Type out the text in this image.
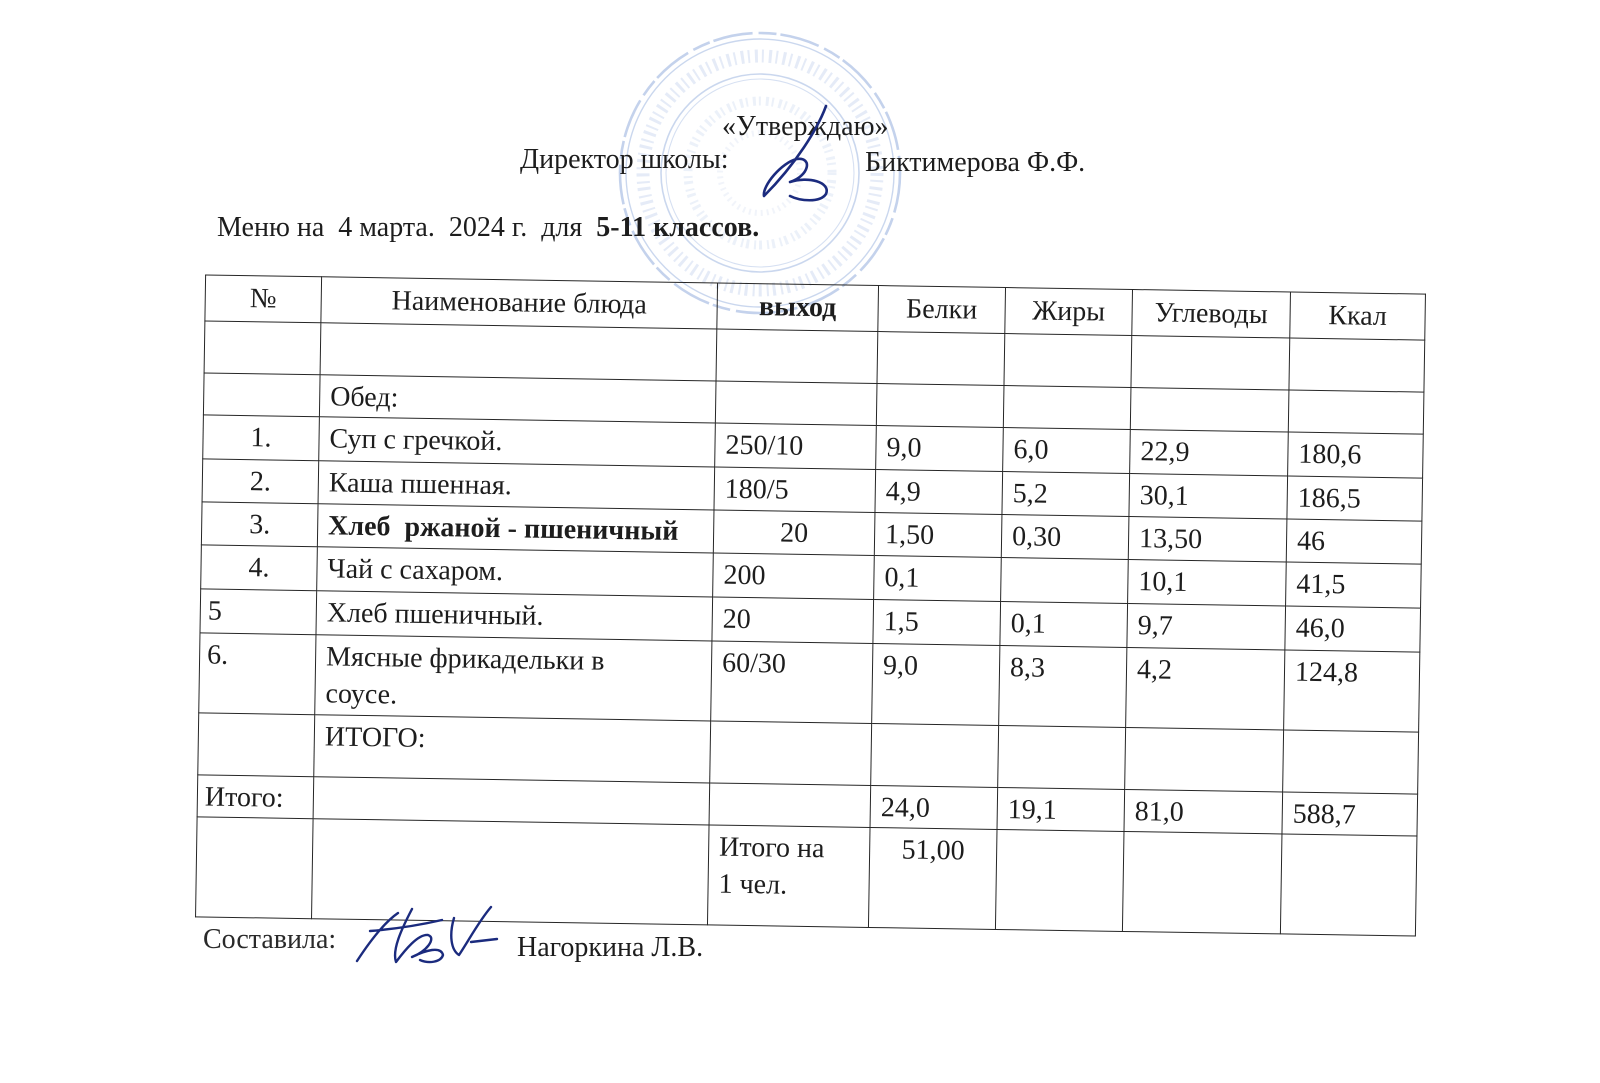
«Утверждаю»
Директор школы:	Биктимерова Ф.Ф.
Меню на  4 марта.  2024 г.  для  5-11 классов.
№	Наименование блюда	выход	Белки	Жиры	Углеводы	Ккал

	Обед:					
1.	Суп с гречкой.	250/10	9,0	6,0	22,9	180,6
2.	Каша пшенная.	180/5	4,9	5,2	30,1	186,5
3.	Хлеб  ржаной - пшеничный	20	1,50	0,30	13,50	46
4.	Чай с сахаром.	200	0,1		10,1	41,5
5	Хлеб пшеничный.	20	1,5	0,1	9,7	46,0
6.	Мясные фрикадельки в соусе.	60/30	9,0	8,3	4,2	124,8
	ИТОГО:					
Итого:			24,0	19,1	81,0	588,7

		Итого на 1 чел.	51,00			
Составила:	Нагоркина Л.В.
